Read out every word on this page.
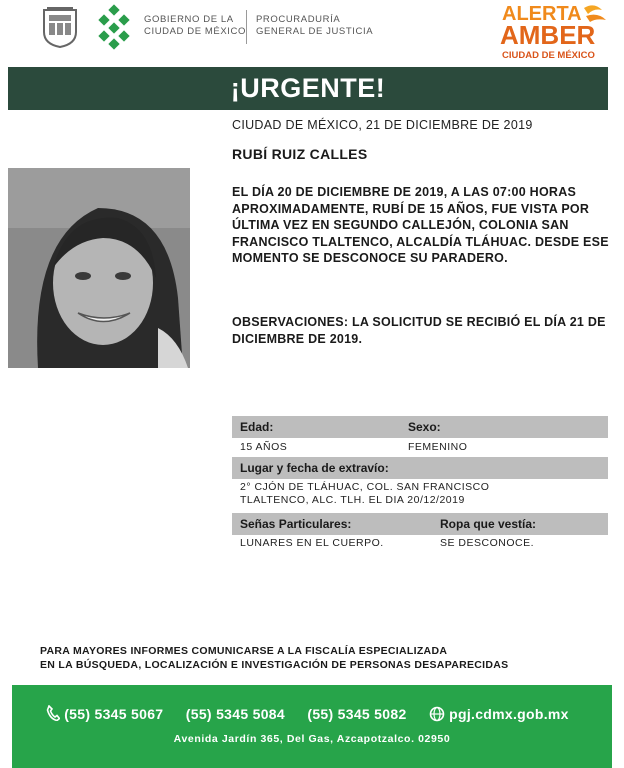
GOBIERNO DE LA
CIUDAD DE MÉXICO
PROCURADURÍA
GENERAL DE JUSTICIA
ALERTA
AMBER
CIUDAD DE MÉXICO
¡URGENTE!
CIUDAD DE MÉXICO, 21 DE DICIEMBRE DE 2019
RUBÍ RUIZ CALLES
EL DÍA 20 DE DICIEMBRE DE 2019, A LAS 07:00 HORAS APROXIMADAMENTE, RUBÍ DE 15 AÑOS, FUE VISTA POR ÚLTIMA VEZ EN SEGUNDO CALLEJÓN, COLONIA SAN FRANCISCO TLALTENCO, ALCALDÍA TLÁHUAC. DESDE ESE MOMENTO SE DESCONOCE SU PARADERO.
OBSERVACIONES: LA SOLICITUD SE RECIBIÓ EL DÍA 21 DE DICIEMBRE DE 2019.
Edad:	Sexo:
15 AÑOS	FEMENINO
Lugar y fecha de extravío:
2° CJÓN DE TLÁHUAC, COL. SAN FRANCISCO
TLALTENCO, ALC. TLH. EL DIA 20/12/2019
Señas Particulares:	Ropa que vestía:
LUNARES EN EL CUERPO.	SE DESCONOCE.
PARA MAYORES INFORMES COMUNICARSE A LA FISCALÍA ESPECIALIZADA
EN LA BÚSQUEDA, LOCALIZACIÓN E INVESTIGACIÓN DE PERSONAS DESAPARECIDAS
(55) 5345 5067 (55) 5345 5084 (55) 5345 5082	pgj.cdmx.gob.mx
Avenida Jardín 365, Del Gas, Azcapotzalco. 02950
